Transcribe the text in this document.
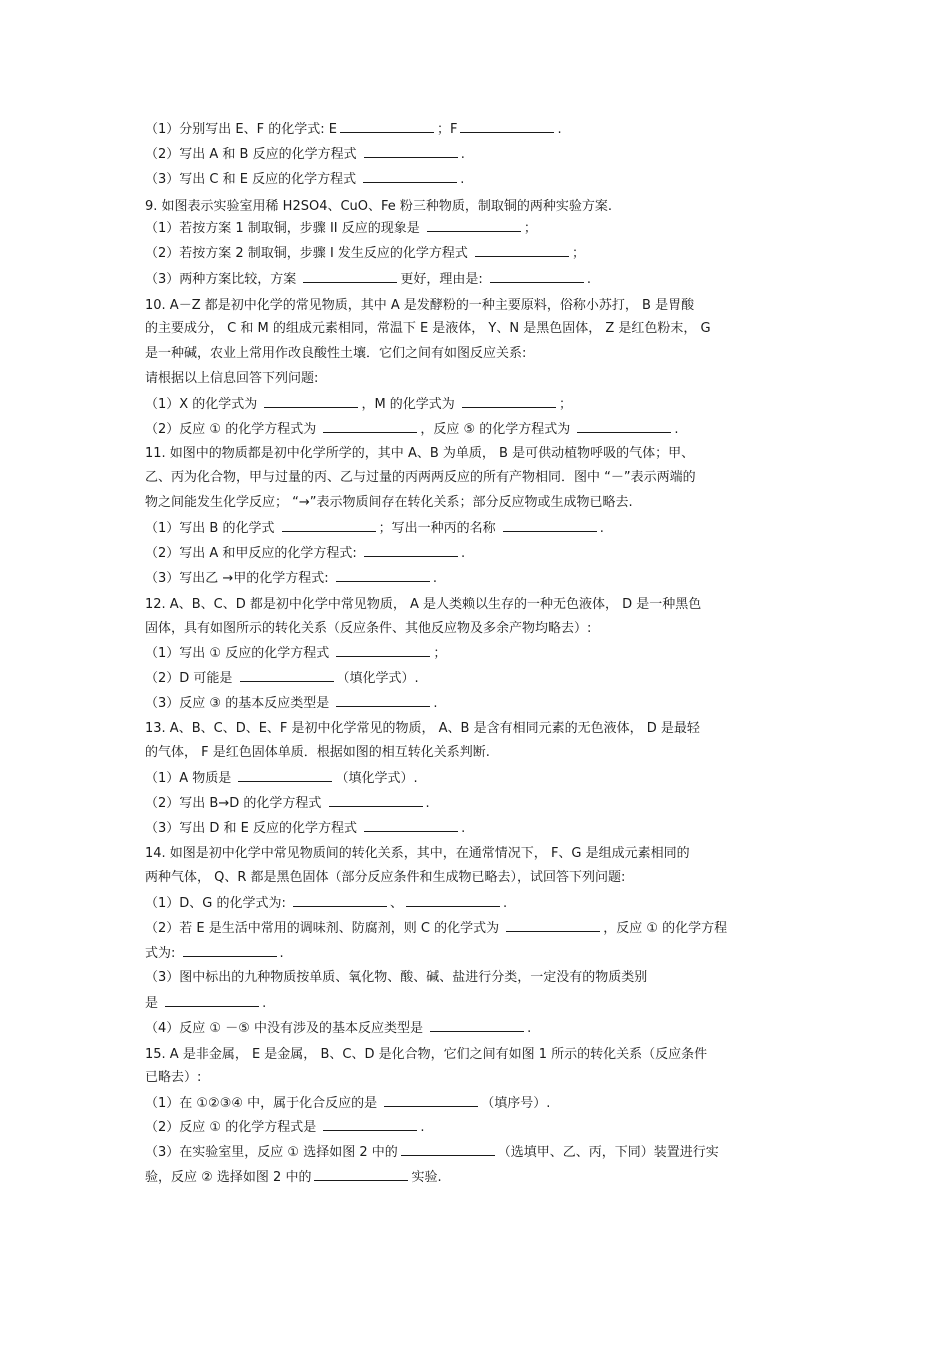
（1）分别写出 E、F 的化学式: E	；F	.
（2）写出 A 和 B 反应的化学方程式	.
（3）写出 C 和 E 反应的化学方程式	.
9. 如图表示实验室用稀 H2SO4、CuO、Fe 粉三种物质，制取铜的两种实验方案.
（1）若按方案 1 制取铜，步骤 II 反应的现象是	；
（2）若按方案 2 制取铜，步骤 I 发生反应的化学方程式	；
（3）两种方案比较，方案	更好，理由是:	.
10. A－Z 都是初中化学的常见物质，其中 A 是发酵粉的一种主要原料，俗称小苏打， B 是胃酸
的主要成分， C 和 M 的组成元素相同，常温下 E 是液体， Y、N 是黑色固体， Z 是红色粉末， G
是一种碱，农业上常用作改良酸性土壤．它们之间有如图反应关系:
请根据以上信息回答下列问题:
（1）X 的化学式为	，M 的化学式为	；
（2）反应 ① 的化学方程式为	，反应 ⑤ 的化学方程式为	.
11. 如图中的物质都是初中化学所学的，其中 A、B 为单质， B 是可供动植物呼吸的气体；甲、
乙、丙为化合物，甲与过量的丙、乙与过量的丙两两反应的所有产物相同．图中 “－”表示两端的
物之间能发生化学反应； “→”表示物质间存在转化关系；部分反应物或生成物已略去.
（1）写出 B 的化学式	；写出一种丙的名称	.
（2）写出 A 和甲反应的化学方程式:	.
（3）写出乙 →甲的化学方程式:	.
12. A、B、C、D 都是初中化学中常见物质， A 是人类赖以生存的一种无色液体， D 是一种黑色
固体，具有如图所示的转化关系（反应条件、其他反应物及多余产物均略去）:
（1）写出 ① 反应的化学方程式	；
（2）D 可能是	（填化学式）.
（3）反应 ③ 的基本反应类型是	.
13. A、B、C、D、E、F 是初中化学常见的物质， A、B 是含有相同元素的无色液体， D 是最轻
的气体， F 是红色固体单质．根据如图的相互转化关系判断.
（1）A 物质是	（填化学式）.
（2）写出 B→D 的化学方程式	.
（3）写出 D 和 E 反应的化学方程式	.
14. 如图是初中化学中常见物质间的转化关系，其中，在通常情况下， F、G 是组成元素相同的
两种气体， Q、R 都是黑色固体（部分反应条件和生成物已略去），试回答下列问题:
（1）D、G 的化学式为:	、	.
（2）若 E 是生活中常用的调味剂、防腐剂，则 C 的化学式为	，反应 ① 的化学方程
式为:	.
（3）图中标出的九种物质按单质、氧化物、酸、碱、盐进行分类，一定没有的物质类别
是	.
（4）反应 ① －⑤ 中没有涉及的基本反应类型是	.
15. A 是非金属， E 是金属， B、C、D 是化合物，它们之间有如图 1 所示的转化关系（反应条件
已略去）:
（1）在 ①②③④ 中，属于化合反应的是	（填序号）.
（2）反应 ① 的化学方程式是	.
（3）在实验室里，反应 ① 选择如图 2 中的	（选填甲、乙、丙，下同）装置进行实
验，反应 ② 选择如图 2 中的	实验.
